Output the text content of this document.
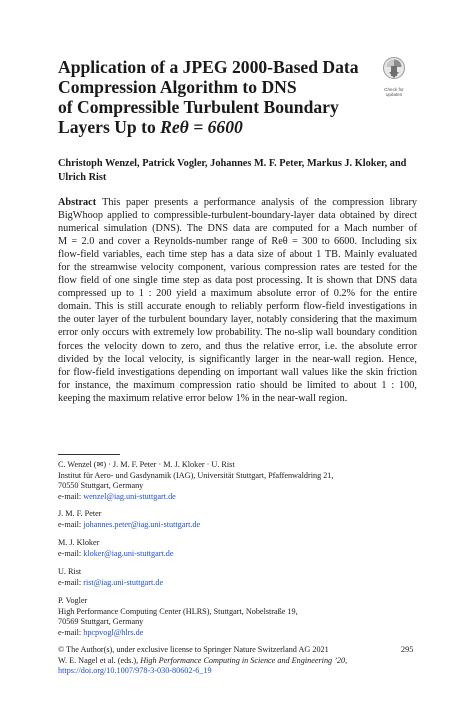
Application of a JPEG 2000-Based Data
Compression Algorithm to DNS
of Compressible Turbulent Boundary
Layers Up to Reθ = 6600
Check for
updates
Christoph Wenzel, Patrick Vogler, Johannes M. F. Peter, Markus J. Kloker, and Ulrich Rist
Abstract This paper presents a performance analysis of the compression library
BigWhoop applied to compressible-turbulent-boundary-layer data obtained by direct
numerical simulation (DNS). The DNS data are computed for a Mach number of
M = 2.0 and cover a Reynolds-number range of Reθ = 300 to 6600. Including six
flow-field variables, each time step has a data size of about 1 TB. Mainly evaluated
for the streamwise velocity component, various compression rates are tested for the
flow field of one single time step as data post processing. It is shown that DNS data
compressed up to 1 : 200 yield a maximum absolute error of 0.2% for the entire
domain. This is still accurate enough to reliably perform flow-field investigations in
the outer layer of the turbulent boundary layer, notably considering that the maximum
error only occurs with extremely low probability. The no-slip wall boundary condition
forces the velocity down to zero, and thus the relative error, i.e. the absolute error
divided by the local velocity, is significantly larger in the near-wall region. Hence,
for flow-field investigations depending on important wall values like the skin friction
for instance, the maximum compression ratio should be limited to about 1 : 100,
keeping the maximum relative error below 1% in the near-wall region.
C. Wenzel (✉) · J. M. F. Peter · M. J. Kloker · U. Rist
Institut für Aero- und Gasdynamik (IAG), Universität Stuttgart, Pfaffenwaldring 21,
70550 Stuttgart, Germany
e-mail: wenzel@iag.uni-stuttgart.de
J. M. F. Peter
e-mail: johannes.peter@iag.uni-stuttgart.de
M. J. Kloker
e-mail: kloker@iag.uni-stuttgart.de
U. Rist
e-mail: rist@iag.uni-stuttgart.de
P. Vogler
High Performance Computing Center (HLRS), Stuttgart, Nobelstraße 19,
70569 Stuttgart, Germany
e-mail: hpcpvogl@hlrs.de
© The Author(s), under exclusive license to Springer Nature Switzerland AG 2021
W. E. Nagel et al. (eds.), High Performance Computing in Science and Engineering ’20,
https://doi.org/10.1007/978-3-030-80602-6_19
295
